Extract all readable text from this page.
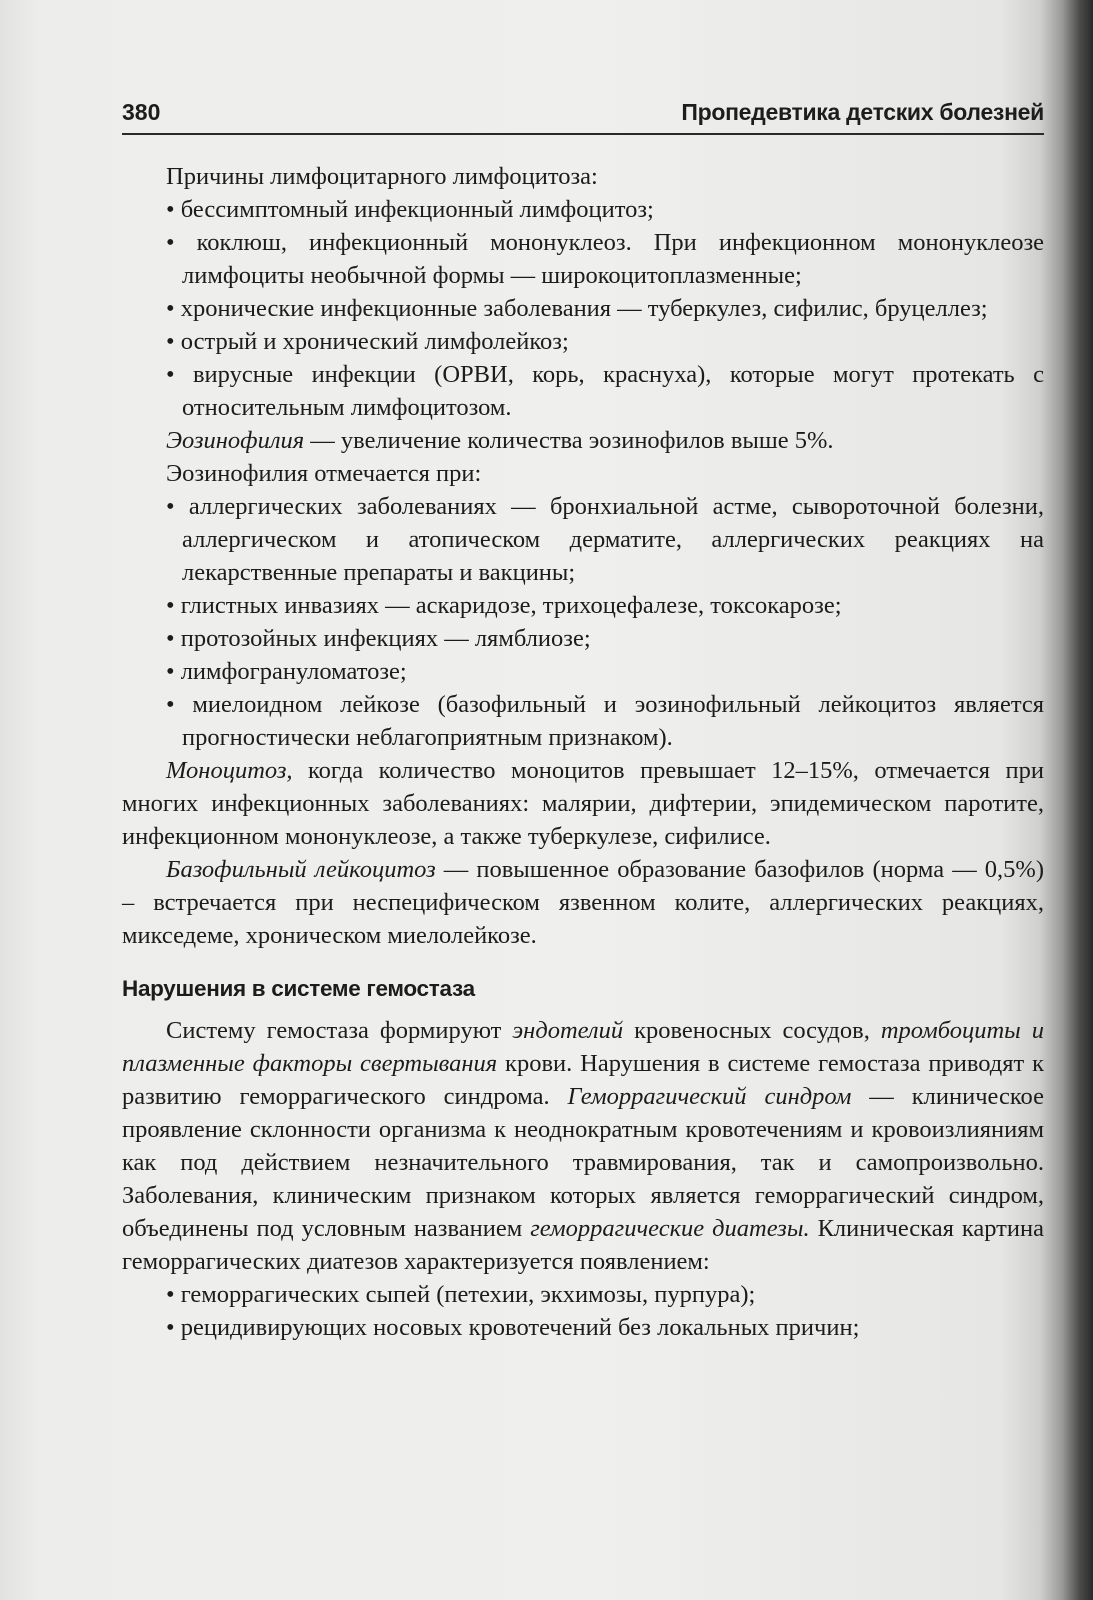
380	Пропедевтика детских болезней

Причины лимфоцитарного лимфоцитоза:

• бессимптомный инфекционный лимфоцитоз;
• коклюш, инфекционный мононуклеоз. При инфекционном мононуклеозе лимфоциты необычной формы — широкоцитоплазменные;
• хронические инфекционные заболевания — туберкулез, сифилис, бруцеллез;
• острый и хронический лимфолейкоз;
• вирусные инфекции (ОРВИ, корь, краснуха), которые могут протекать с относительным лимфоцитозом.

Эозинофилия — увеличение количества эозинофилов выше 5%.

Эозинофилия отмечается при:

• аллергических заболеваниях — бронхиальной астме, сывороточной болезни, аллергическом и атопическом дерматите, аллергических реакциях на лекарственные препараты и вакцины;
• глистных инвазиях — аскаридозе, трихоцефалезе, токсокарозе;
• протозойных инфекциях — лямблиозе;
• лимфогрануломатозе;
• миелоидном лейкозе (базофильный и эозинофильный лейкоцитоз является прогностически неблагоприятным признаком).

Моноцитоз, когда количество моноцитов превышает 12–15%, отмечается при многих инфекционных заболеваниях: малярии, дифтерии, эпидемическом паротите, инфекционном мононуклеозе, а также туберкулезе, сифилисе.

Базофильный лейкоцитоз — повышенное образование базофилов (норма — 0,5%) – встречается при неспецифическом язвенном колите, аллергических реакциях, микседеме, хроническом миелолейкозе.

Нарушения в системе гемостаза

Систему гемостаза формируют эндотелий кровеносных сосудов, тромбоциты и плазменные факторы свертывания крови. Нарушения в системе гемостаза приводят к развитию геморрагического синдрома. Геморрагический синдром — клиническое проявление склонности организма к неоднократным кровотечениям и кровоизлияниям как под действием незначительного травмирования, так и самопроизвольно. Заболевания, клиническим признаком которых является геморрагический синдром, объединены под условным названием геморрагические диатезы. Клиническая картина геморрагических диатезов характеризуется появлением:

• геморрагических сыпей (петехии, экхимозы, пурпура);
• рецидивирующих носовых кровотечений без локальных причин;
